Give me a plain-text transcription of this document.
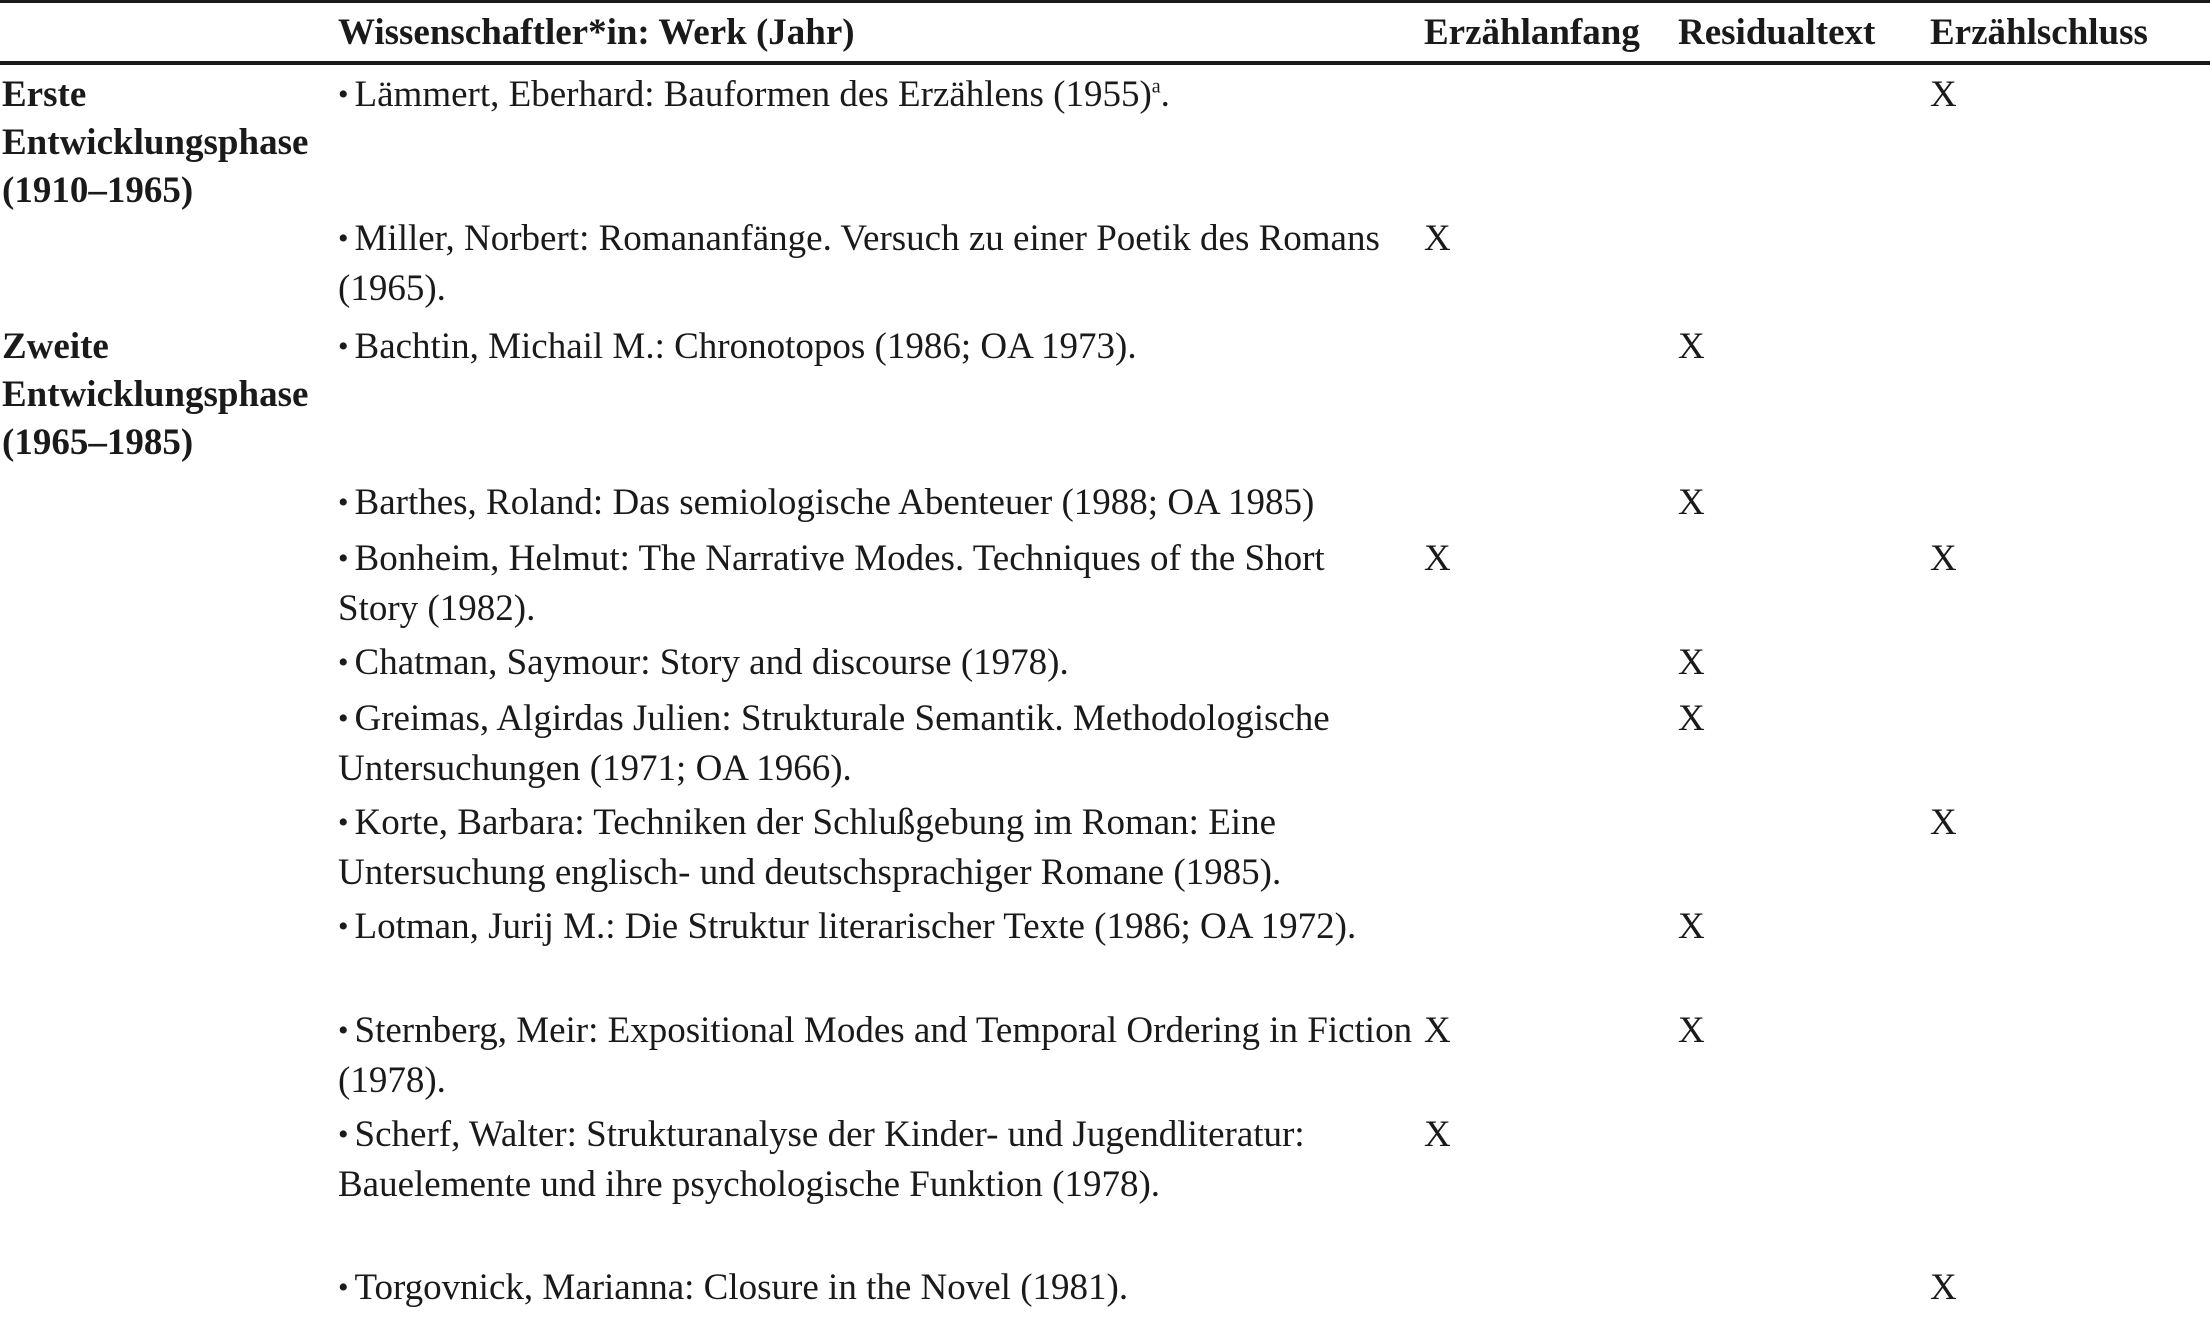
	Wissenschaftler*in: Werk (Jahr)	Erzählanfang	Residualtext	Erzählschluss

Erste
Entwicklungsphase
(1910–1965)	• Lämmert, Eberhard: Bauformen des Erzählens (1955)$^a$.			X
	• Miller, Norbert: Romananfänge. Versuch zu einer Poetik des Romans (1965).	X		

Zweite
Entwicklungsphase
(1965–1985)	• Bachtin, Michail M.: Chronotopos (1986; OA 1973).		X	
	• Barthes, Roland: Das semiologische Abenteuer (1988; OA 1985)		X	
	• Bonheim, Helmut: The Narrative Modes. Techniques of the Short Story (1982).	X		X
	• Chatman, Saymour: Story and discourse (1978).		X	
	• Greimas, Algirdas Julien: Strukturale Semantik. Methodologische Untersuchungen (1971; OA 1966).		X	
	• Korte, Barbara: Techniken der Schlußgebung im Roman: Eine Untersuchung englisch- und deutschsprachiger Romane (1985).			X
	• Lotman, Jurij M.: Die Struktur literarischer Texte (1986; OA 1972).		X	
	• Sternberg, Meir: Expositional Modes and Temporal Ordering in Fiction (1978).	X	X	
	• Scherf, Walter: Strukturanalyse der Kinder- und Jugendliteratur: Bauelemente und ihre psychologische Funktion (1978).	X		
	• Torgovnick, Marianna: Closure in the Novel (1981).			X
